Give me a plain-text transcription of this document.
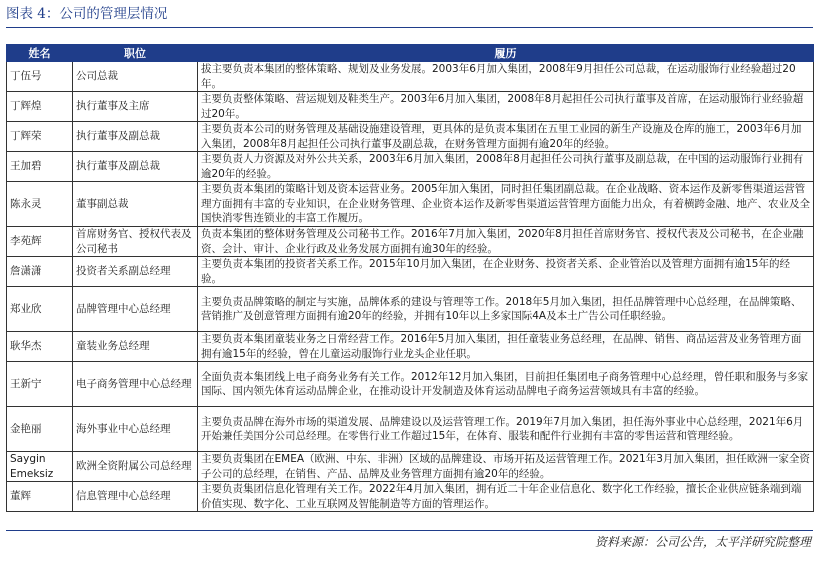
图表 4：公司的管理层情况
姓名	职位	履历
丁伍号	公司总裁	拔主要负责本集团的整体策略、规划及业务发展。2003年6月加入集团，2008年9月担任公司总裁，在运动服饰行业经验超过20年。
丁辉煌	执行董事及主席	主要负责整体策略、营运规划及鞋类生产。2003年6月加入集团，2008年8月起担任公司执行董事及首席，在运动服饰行业经验超过20年。
丁辉荣	执行董事及副总裁	主要负责本公司的财务管理及基础设施建设管理，更具体的是负责本集团在五里工业园的新生产设施及仓库的施工，2003年6月加入集团，2008年8月起担任公司执行董事及副总裁，在财务管理方面拥有逾20年的经验。
王加碧	执行董事及副总裁	主要负责人力资源及对外公共关系，2003年6月加入集团，2008年8月起担任公司执行董事及副总裁，在中国的运动服饰行业拥有逾20年的经验。
陈永灵	董事副总裁	主要负责本集团的策略计划及资本运营业务。2005年加入集团，同时担任集团副总裁。在企业战略、资本运作及新零售渠道运营管理方面拥有丰富的专业知识，在企业财务管理、企业资本运作及新零售渠道运营管理方面能力出众，有着横跨金融、地产、农业及全国快消零售连锁业的丰富工作履历。
李苑辉	首席财务官、授权代表及公司秘书	负责本集团的整体财务管理及公司秘书工作。2016年7月加入集团，2020年8月担任首席财务官、授权代表及公司秘书，在企业融资、会计、审计、企业行政及业务发展方面拥有逾30年的经验。
詹潇潇	投资者关系副总经理	主要负责本集团的投资者关系工作。2015年10月加入集团，在企业财务、投资者关系、企业管治以及管理方面拥有逾15年的经验。
郑业欣	品牌管理中心总经理	主要负责品牌策略的制定与实施，品牌体系的建设与管理等工作。2018年5月加入集团，担任品牌管理中心总经理，在品牌策略、营销推广及创意管理方面拥有逾20年的经验，并拥有10年以上多家国际4A及本土广告公司任职经验。
耿华杰	童装业务总经理	主要负责本集团童装业务之日常经营工作。2016年5月加入集团，担任童装业务总经理，在品牌、销售、商品运营及业务管理方面拥有逾15年的经验，曾在儿童运动服饰行业龙头企业任职。
王新宁	电子商务管理中心总经理	全面负责本集团线上电子商务业务有关工作。2012年12月加入集团，目前担任集团电子商务管理中心总经理，曾任职和服务与多家国际、国内领先体育运动品牌企业，在推动设计开发制造及体育运动品牌电子商务运营领域具有丰富的经验。
金艳丽	海外事业中心总经理	主要负责品牌在海外市场的渠道发展、品牌建设以及运营管理工作。2019年7月加入集团，担任海外事业中心总经理，2021年6月开始兼任美国分公司总经理。在零售行业工作超过15年，在体育、服装和配件行业拥有丰富的零售运营和管理经验。
Saygin Emeksiz	欧洲全资附属公司总经理	主要负责集团在EMEA（欧洲、中东、非洲）区域的品牌建设、市场开拓及运营管理工作。2021年3月加入集团，担任欧洲一家全资子公司的总经理，在销售、产品、品牌及业务管理方面拥有逾20年的经验。
董辉	信息管理中心总经理	主要负责集团信息化管理有关工作。2022年4月加入集团，拥有近二十年企业信息化、数字化工作经验，擅长企业供应链条端到端价值实现、数字化、工业互联网及智能制造等方面的管理运作。
资料来源：公司公告，太平洋研究院整理
